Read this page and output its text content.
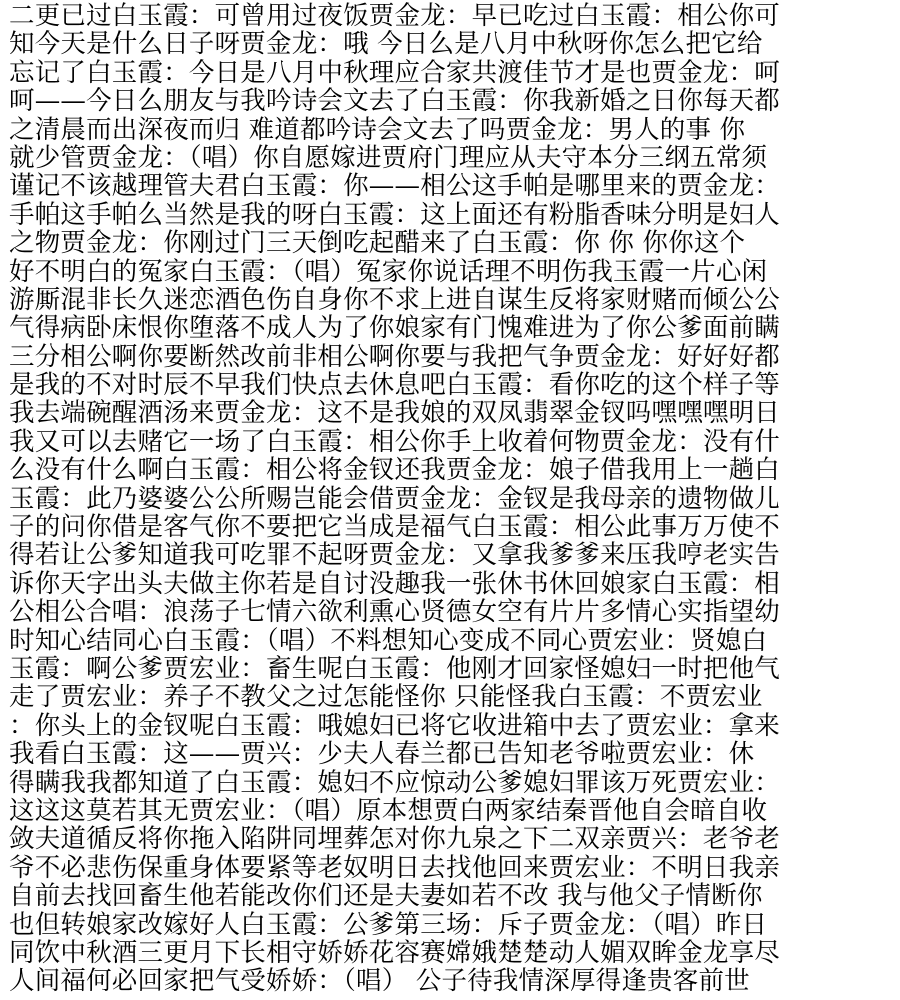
二更已过白玉霞：可曾用过夜饭贾金龙：早已吃过白玉霞：相公你可
知今天是什么日子呀贾金龙：哦 今日么是八月中秋呀你怎么把它给
忘记了白玉霞：今日是八月中秋理应合家共渡佳节才是也贾金龙：呵
呵——今日么朋友与我吟诗会文去了白玉霞：你我新婚之日你每天都
之清晨而出深夜而归 难道都吟诗会文去了吗贾金龙：男人的事 你
就少管贾金龙：（唱）你自愿嫁进贾府门理应从夫守本分三纲五常须
谨记不该越理管夫君白玉霞：你——相公这手帕是哪里来的贾金龙：
手帕这手帕么当然是我的呀白玉霞：这上面还有粉脂香味分明是妇人
之物贾金龙：你刚过门三天倒吃起醋来了白玉霞：你 你 你你这个
好不明白的冤家白玉霞：（唱）冤家你说话理不明伤我玉霞一片心闲
游厮混非长久迷恋酒色伤自身你不求上进自谋生反将家财赌而倾公公
气得病卧床恨你堕落不成人为了你娘家有门愧难进为了你公爹面前瞒
三分相公啊你要断然改前非相公啊你要与我把气争贾金龙：好好好都
是我的不对时辰不早我们快点去休息吧白玉霞：看你吃的这个样子等
我去端碗醒酒汤来贾金龙：这不是我娘的双凤翡翠金钗吗嘿嘿嘿明日
我又可以去赌它一场了白玉霞：相公你手上收着何物贾金龙：没有什
么没有什么啊白玉霞：相公将金钗还我贾金龙：娘子借我用上一趟白
玉霞：此乃婆婆公公所赐岂能会借贾金龙：金钗是我母亲的遗物做儿
子的问你借是客气你不要把它当成是福气白玉霞：相公此事万万使不
得若让公爹知道我可吃罪不起呀贾金龙：又拿我爹爹来压我哼老实告
诉你天字出头夫做主你若是自讨没趣我一张休书休回娘家白玉霞：相
公相公合唱：浪荡子七情六欲利熏心贤德女空有片片多情心实指望幼
时知心结同心白玉霞：（唱）不料想知心变成不同心贾宏业：贤媳白
玉霞：啊公爹贾宏业：畜生呢白玉霞：他刚才回家怪媳妇一时把他气
走了贾宏业：养子不教父之过怎能怪你 只能怪我白玉霞：不贾宏业
：你头上的金钗呢白玉霞：哦媳妇已将它收进箱中去了贾宏业：拿来
我看白玉霞：这——贾兴：少夫人春兰都已告知老爷啦贾宏业：休
得瞒我我都知道了白玉霞：媳妇不应惊动公爹媳妇罪该万死贾宏业：
这这这莫若其无贾宏业：（唱）原本想贾白两家结秦晋他自会暗自收
敛夫道循反将你拖入陷阱同埋葬怎对你九泉之下二双亲贾兴：老爷老
爷不必悲伤保重身体要紧等老奴明日去找他回来贾宏业：不明日我亲
自前去找回畜生他若能改你们还是夫妻如若不改 我与他父子情断你
也但转娘家改嫁好人白玉霞：公爹第三场：斥子贾金龙：（唱）昨日
同饮中秋酒三更月下长相守娇娇花容赛嫦娥楚楚动人媚双眸金龙享尽
人间福何必回家把气受娇娇：（唱） 公子待我情深厚得逢贵客前世
